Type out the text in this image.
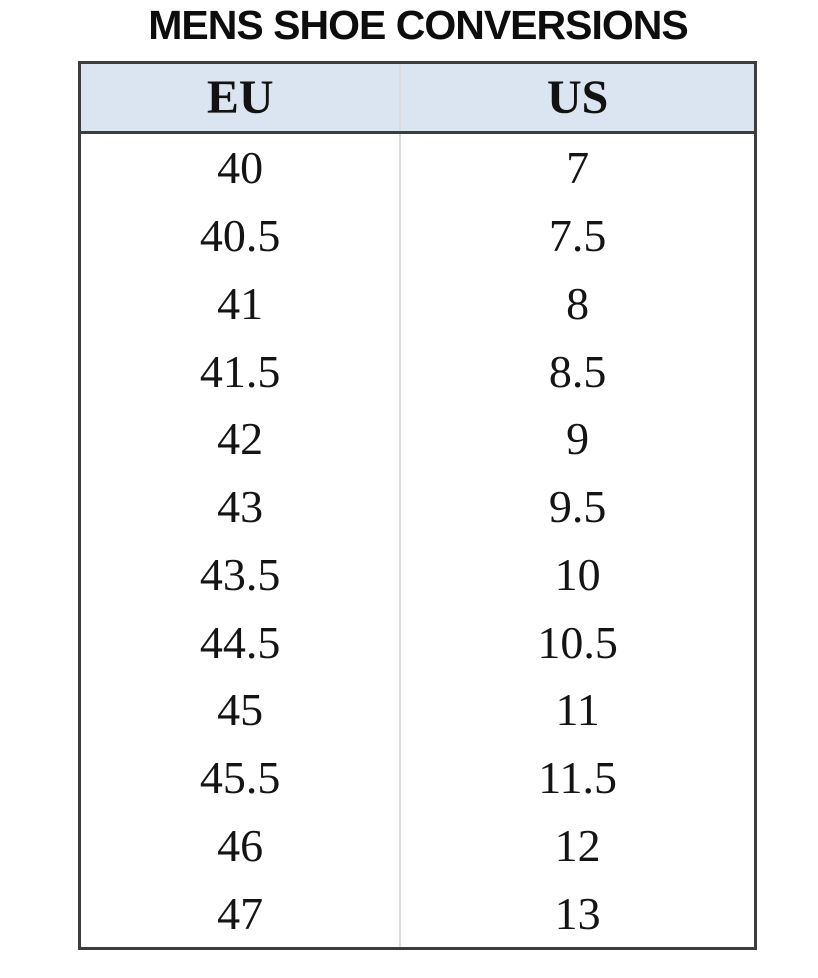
MENS SHOE CONVERSIONS
EU	US
40	7
40.5	7.5
41	8
41.5	8.5
42	9
43	9.5
43.5	10
44.5	10.5
45	11
45.5	11.5
46	12
47	13
